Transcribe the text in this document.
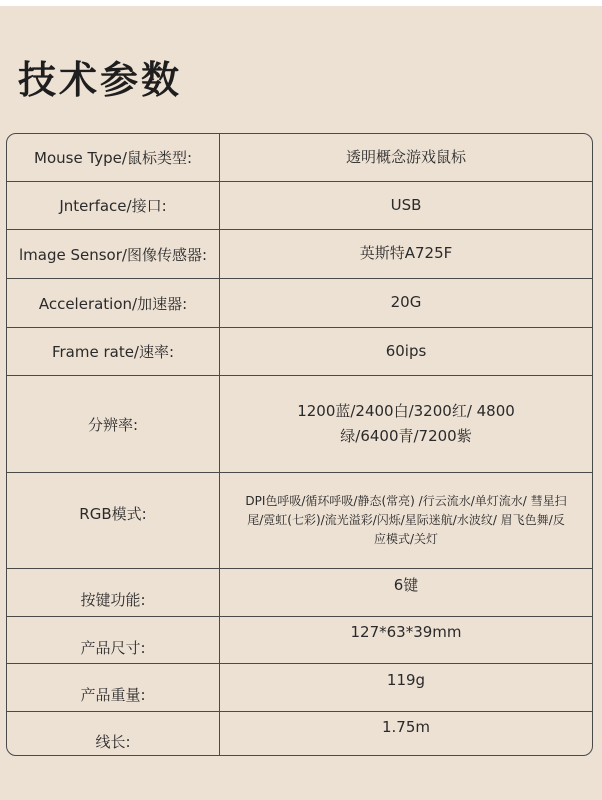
技术参数
Mouse Type/鼠标类型:	透明概念游戏鼠标
Jnterface/接口:	USB
lmage Sensor/图像传感器:	英斯特A725F
Acceleration/加速器:	20G
Frame rate/速率:	60ips
分辨率:
1200蓝/2400白/3200红/ 4800绿/6400青/7200紫
RGB模式:
DPI色呼吸/循环呼吸/静态(常亮) /行云流水/单灯流水/ 彗星扫尾/霓虹(七彩)/流光溢彩/闪烁/星际迷航/水波纹/ 眉飞色舞/反应模式/关灯
按键功能:
6键
产品尺寸:
127*63*39mm
产品重量:
119g
线长:
1.75m
